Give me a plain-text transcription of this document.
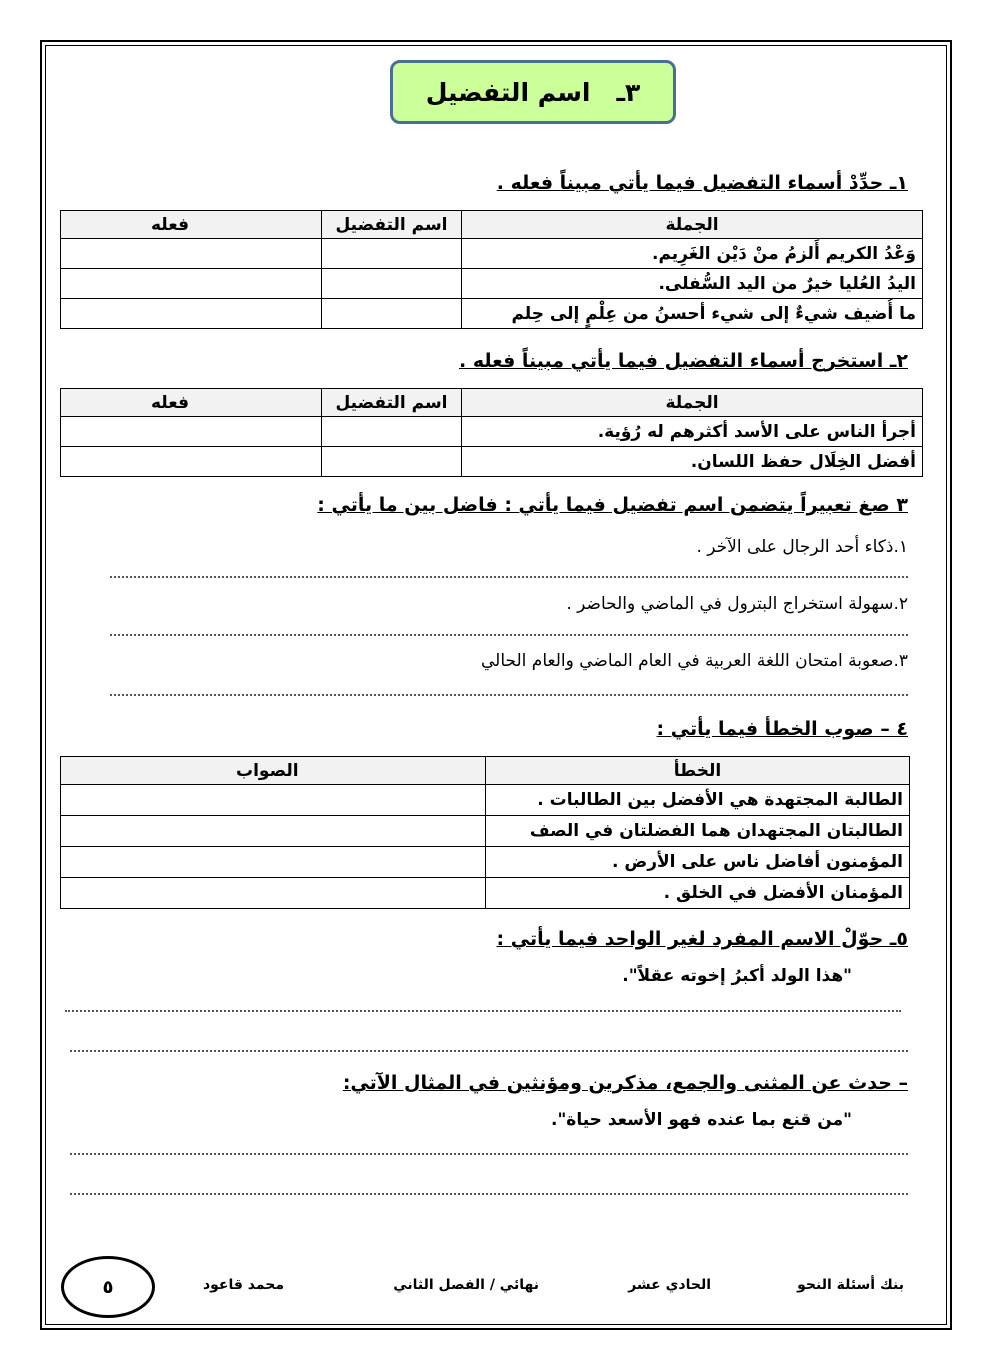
٣ـ
اسم التفضيل
١ـ حدِّدْ أسماء التفضيل فيما يأتي مبيناً فعله .
الجملة	اسم التفضيل	فعله
وَعْدُ الكريم أَلزمُ منْ دَيْن الغَرِيم.		
اليدُ العُليا خيرٌ من اليد السُّفلى.		
ما أُضيف شيءٌ إلى شيء أحسنُ من عِلْمٍ إلى حِلم		
٢ـ استخرج أسماء التفضيل فيما يأتي مبيناً فعله .
الجملة	اسم التفضيل	فعله
أجرأ الناس على الأسد أكثرهم له رُؤية.		
أفضل الخِلَال حفظ اللسان.		
٣ صغ تعبيراً يتضمن اسم تفضيل فيما يأتي : فاضل بين ما يأتي :
١.ذكاء أحد الرجال على الآخر .
٢.سهولة استخراج البترول في الماضي والحاضر .
٣.صعوبة امتحان اللغة العربية في العام الماضي والعام الحالي
٤ – صوب الخطأ فيما يأتي :
الخطأ	الصواب
الطالبة المجتهدة هي الأفضل بين الطالبات .	
الطالبتان المجتهدان هما الفضلتان في الصف	
المؤمنون أفاضل ناس على الأرض .	
المؤمنان الأفضل في الخلق .	
٥ـ حوّلْ الاسم المفرد لغير الواحد فيما يأتي :
"هذا الولد أكبرُ إخوته عقلاً".
– حدث عن المثنى والجمع، مذكرين ومؤنثين في المثال الآتي:
"من قنع بما عنده فهو الأسعد حياة".
بنك أسئلة النحو
الحادي عشر
نهائي / الفصل الثاني
محمد قاعود
٥
